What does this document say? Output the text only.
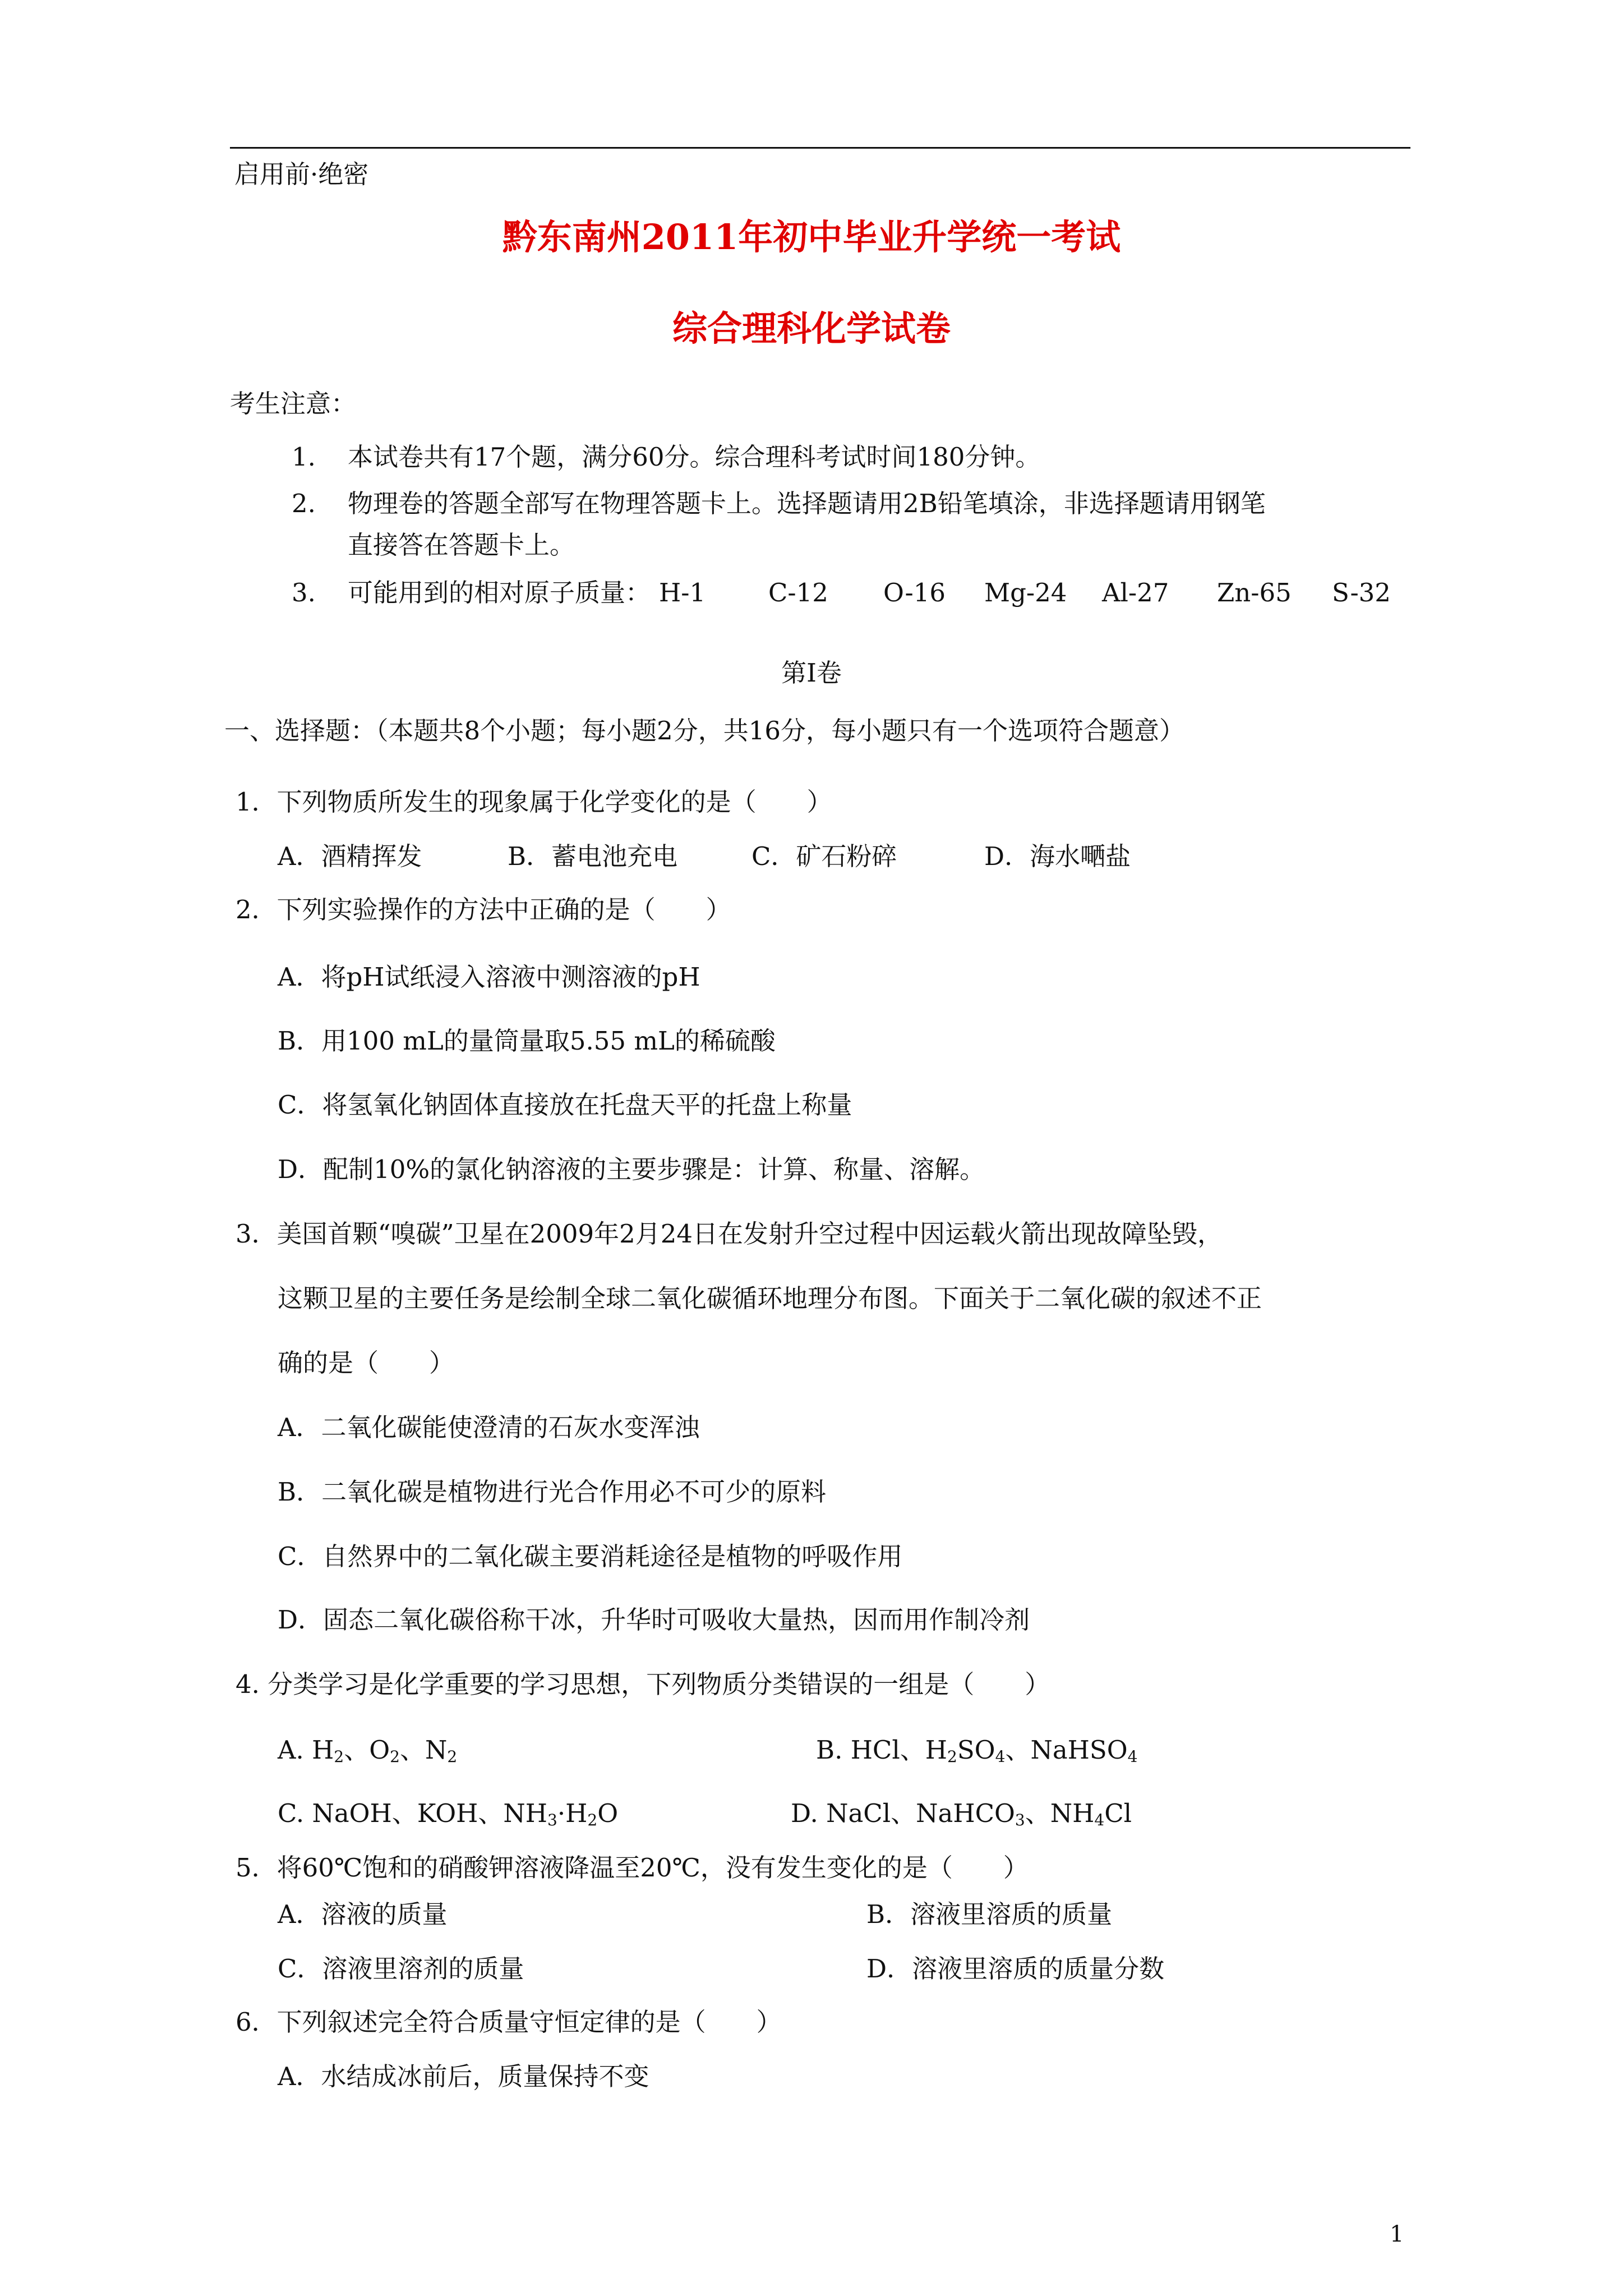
启用前·绝密
黔东南州2011年初中毕业升学统一考试
综合理科化学试卷
考生注意：
1. 本试卷共有17个题，满分60分。综合理科考试时间180分钟。
2. 物理卷的答题全部写在物理答题卡上。选择题请用2B铅笔填涂，非选择题请用钢笔
直接答在答题卡上。
3. 可能用到的相对原子质量： H-1 C-12 O-16 Mg-24 Al-27 Zn-65 S-32
第Ⅰ卷
一、选择题：（本题共8个小题；每小题2分，共16分，每小题只有一个选项符合题意）
1．下列物质所发生的现象属于化学变化的是（　　）
A．酒精挥发	B．蓄电池充电	C．矿石粉碎	D．海水嗮盐
2．下列实验操作的方法中正确的是（　　）
A．将pH试纸浸入溶液中测溶液的pH
B．用100 mL的量筒量取5.55 mL的稀硫酸
C．将氢氧化钠固体直接放在托盘天平的托盘上称量
D．配制10%的氯化钠溶液的主要步骤是：计算、称量、溶解。
3．美国首颗“嗅碳”卫星在2009年2月24日在发射升空过程中因运载火箭出现故障坠毁，
这颗卫星的主要任务是绘制全球二氧化碳循环地理分布图。下面关于二氧化碳的叙述不正
确的是（　　）
A．二氧化碳能使澄清的石灰水变浑浊
B．二氧化碳是植物进行光合作用必不可少的原料
C．自然界中的二氧化碳主要消耗途径是植物的呼吸作用
D．固态二氧化碳俗称干冰，升华时可吸收大量热，因而用作制冷剂
4. 分类学习是化学重要的学习思想，下列物质分类错误的一组是（　　）
A. $H_2$、$O_2$、$N_2$	B. HCl、$H_2SO_4$、NaHSO$_4$
C. NaOH、KOH、$NH_3\cdot H_2O$	D. NaCl、NaHCO$_3$、$NH_4Cl$
5．将60℃饱和的硝酸钾溶液降温至20℃，没有发生变化的是（　　）
A．溶液的质量	B．溶液里溶质的质量
C．溶液里溶剂的质量	D．溶液里溶质的质量分数
6．下列叙述完全符合质量守恒定律的是（　　）
A．水结成冰前后，质量保持不变
1
